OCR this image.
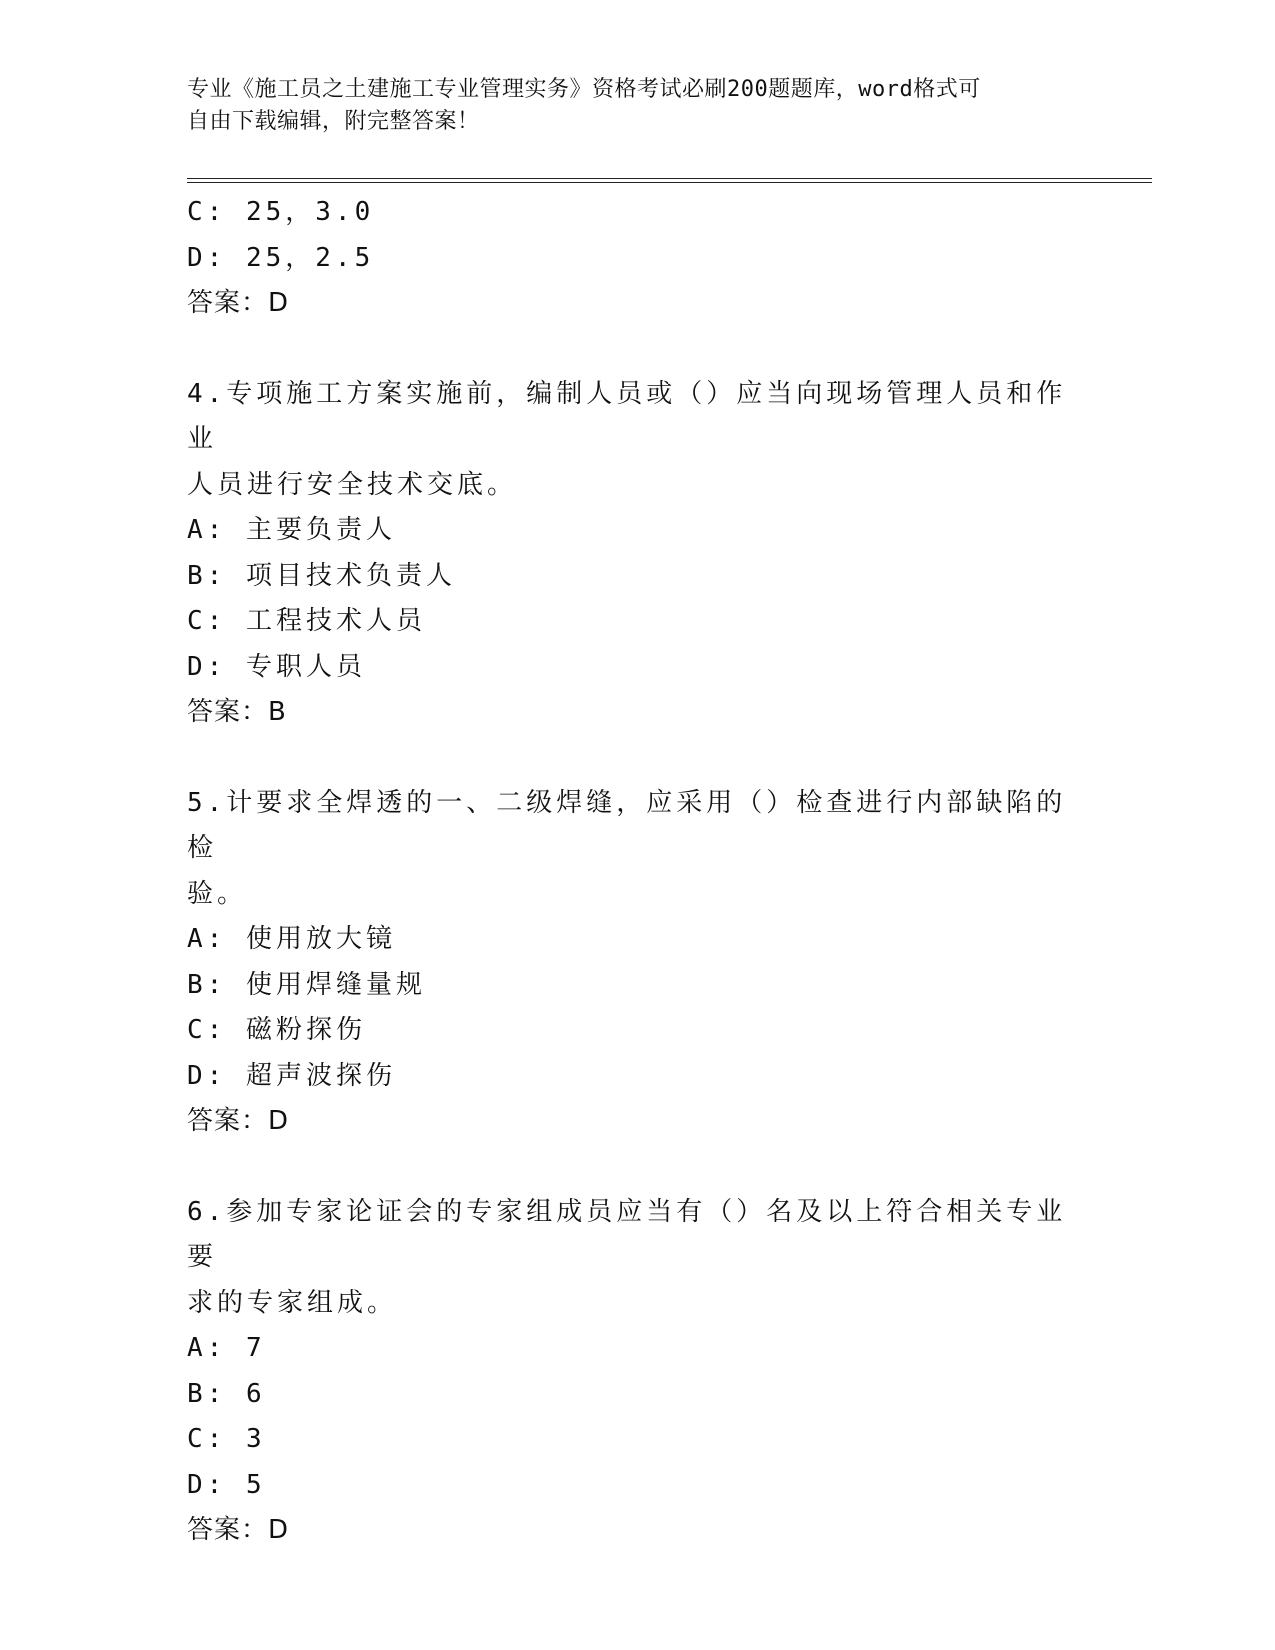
专业《施工员之土建施工专业管理实务》资格考试必刷200题题库，word格式可
自由下载编辑，附完整答案！
C: 25，3.0
D: 25，2.5
答案：D
4.专项施工方案实施前，编制人员或（）应当向现场管理人员和作业
人员进行安全技术交底。
A: 主要负责人
B: 项目技术负责人
C: 工程技术人员
D: 专职人员
答案：B
5.计要求全焊透的一、二级焊缝，应采用（）检查进行内部缺陷的检
验。
A: 使用放大镜
B: 使用焊缝量规
C: 磁粉探伤
D: 超声波探伤
答案：D
6.参加专家论证会的专家组成员应当有（）名及以上符合相关专业要
求的专家组成。
A: 7
B: 6
C: 3
D: 5
答案：D
